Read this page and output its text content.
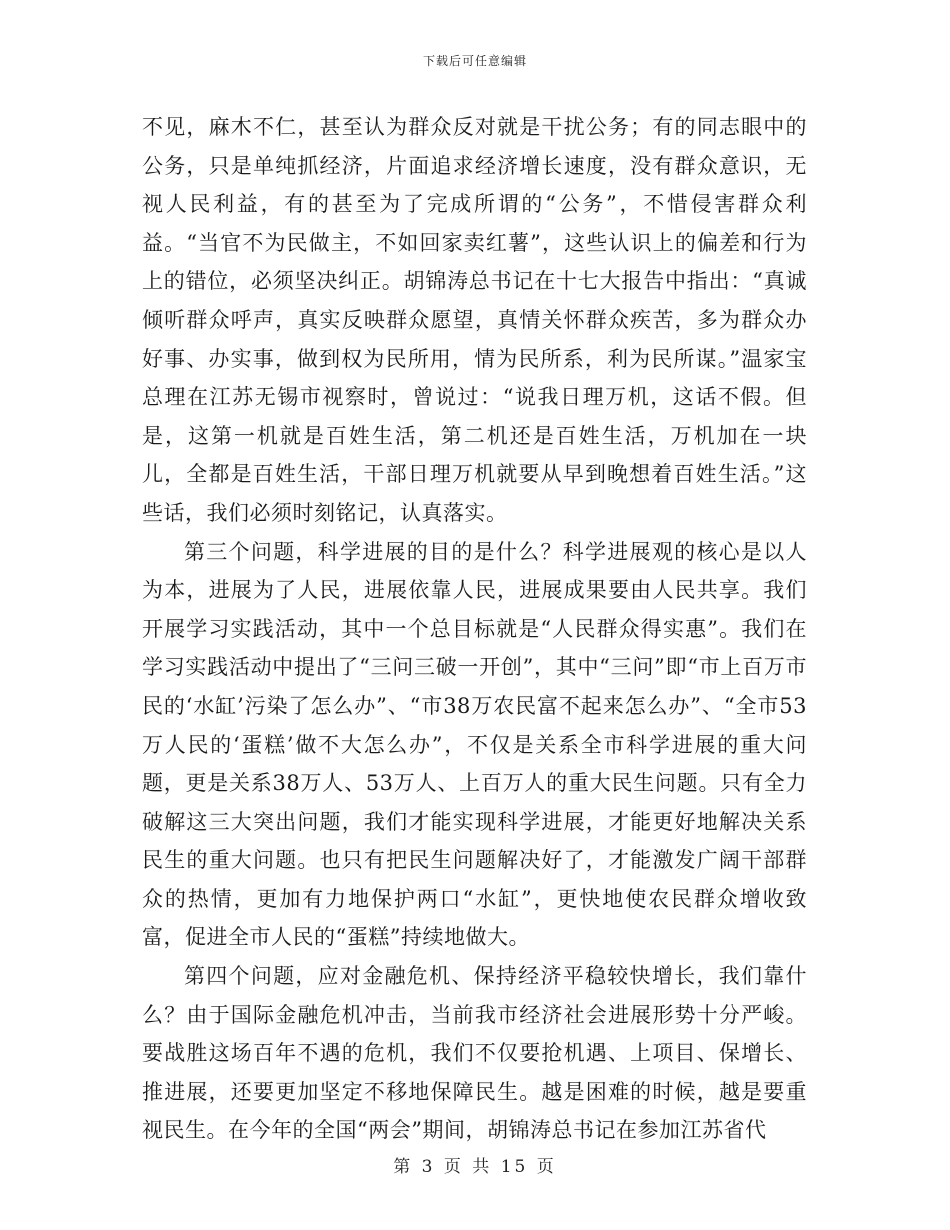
下载后可任意编辑

不见，麻木不仁，甚至认为群众反对就是干扰公务；有的同志眼中的公务，只是单纯抓经济，片面追求经济增长速度，没有群众意识，无视人民利益，有的甚至为了完成所谓的“公务”，不惜侵害群众利益。“当官不为民做主，不如回家卖红薯”，这些认识上的偏差和行为上的错位，必须坚决纠正。胡锦涛总书记在十七大报告中指出：“真诚倾听群众呼声，真实反映群众愿望，真情关怀群众疾苦，多为群众办好事、办实事，做到权为民所用，情为民所系，利为民所谋。”温家宝总理在江苏无锡市视察时，曾说过：“说我日理万机，这话不假。但是，这第一机就是百姓生活，第二机还是百姓生活，万机加在一块儿，全都是百姓生活，干部日理万机就要从早到晚想着百姓生活。”这些话，我们必须时刻铭记，认真落实。

第三个问题，科学进展的目的是什么？科学进展观的核心是以人为本，进展为了人民，进展依靠人民，进展成果要由人民共享。我们开展学习实践活动，其中一个总目标就是“人民群众得实惠”。我们在学习实践活动中提出了“三问三破一开创”，其中“三问”即“市上百万市民的‘水缸’污染了怎么办”、“市38万农民富不起来怎么办”、“全市53万人民的‘蛋糕’做不大怎么办”，不仅是关系全市科学进展的重大问题，更是关系38万人、53万人、上百万人的重大民生问题。只有全力破解这三大突出问题，我们才能实现科学进展，才能更好地解决关系民生的重大问题。也只有把民生问题解决好了，才能激发广阔干部群众的热情，更加有力地保护两口“水缸”，更快地使农民群众增收致富，促进全市人民的“蛋糕”持续地做大。

第四个问题，应对金融危机、保持经济平稳较快增长，我们靠什么？由于国际金融危机冲击，当前我市经济社会进展形势十分严峻。要战胜这场百年不遇的危机，我们不仅要抢机遇、上项目、保增长、推进展，还要更加坚定不移地保障民生。越是困难的时候，越是要重视民生。在今年的全国“两会”期间，胡锦涛总书记在参加江苏省代

第 3 页 共 15 页
